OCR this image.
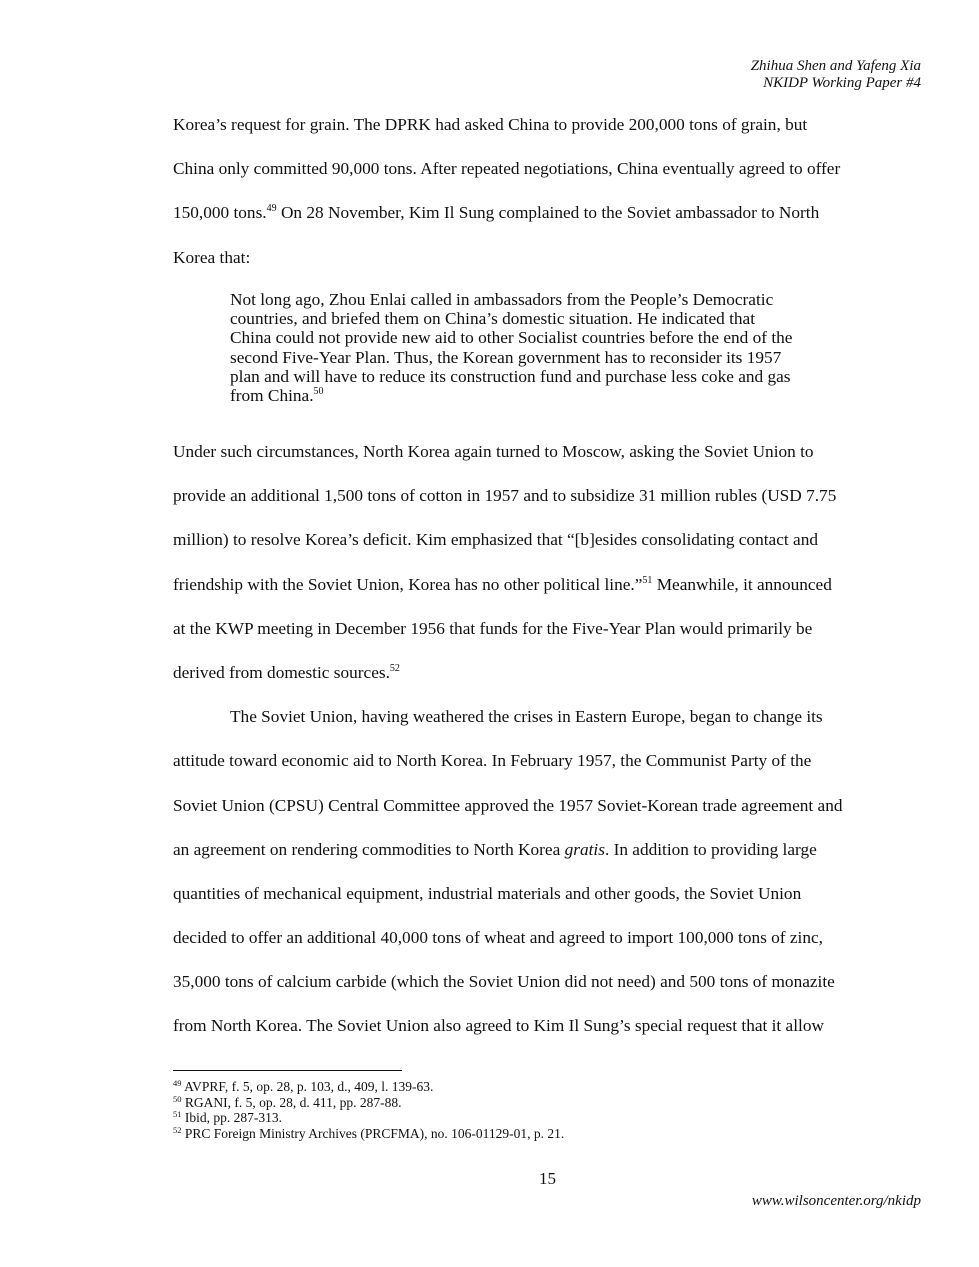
Zhihua Shen and Yafeng Xia
NKIDP Working Paper #4
Korea’s request for grain. The DPRK had asked China to provide 200,000 tons of grain, but
China only committed 90,000 tons. After repeated negotiations, China eventually agreed to offer
150,000 tons.$^{49}$ On 28 November, Kim Il Sung complained to the Soviet ambassador to North
Korea that:
Not long ago, Zhou Enlai called in ambassadors from the People’s Democratic
countries, and briefed them on China’s domestic situation. He indicated that
China could not provide new aid to other Socialist countries before the end of the
second Five-Year Plan. Thus, the Korean government has to reconsider its 1957
plan and will have to reduce its construction fund and purchase less coke and gas
from China.$^{50}$
Under such circumstances, North Korea again turned to Moscow, asking the Soviet Union to
provide an additional 1,500 tons of cotton in 1957 and to subsidize 31 million rubles (USD 7.75
million) to resolve Korea’s deficit. Kim emphasized that “[b]esides consolidating contact and
friendship with the Soviet Union, Korea has no other political line.”$^{51}$ Meanwhile, it announced
at the KWP meeting in December 1956 that funds for the Five-Year Plan would primarily be
derived from domestic sources.$^{52}$
The Soviet Union, having weathered the crises in Eastern Europe, began to change its
attitude toward economic aid to North Korea. In February 1957, the Communist Party of the
Soviet Union (CPSU) Central Committee approved the 1957 Soviet-Korean trade agreement and
an agreement on rendering commodities to North Korea gratis. In addition to providing large
quantities of mechanical equipment, industrial materials and other goods, the Soviet Union
decided to offer an additional 40,000 tons of wheat and agreed to import 100,000 tons of zinc,
35,000 tons of calcium carbide (which the Soviet Union did not need) and 500 tons of monazite
from North Korea. The Soviet Union also agreed to Kim Il Sung’s special request that it allow
$^{49}$ AVPRF, f. 5, op. 28, p. 103, d., 409, l. 139-63.
$^{50}$ RGANI, f. 5, op. 28, d. 411, pp. 287-88.
$^{51}$ Ibid, pp. 287-313.
$^{52}$ PRC Foreign Ministry Archives (PRCFMA), no. 106-01129-01, p. 21.
15
www.wilsoncenter.org/nkidp
